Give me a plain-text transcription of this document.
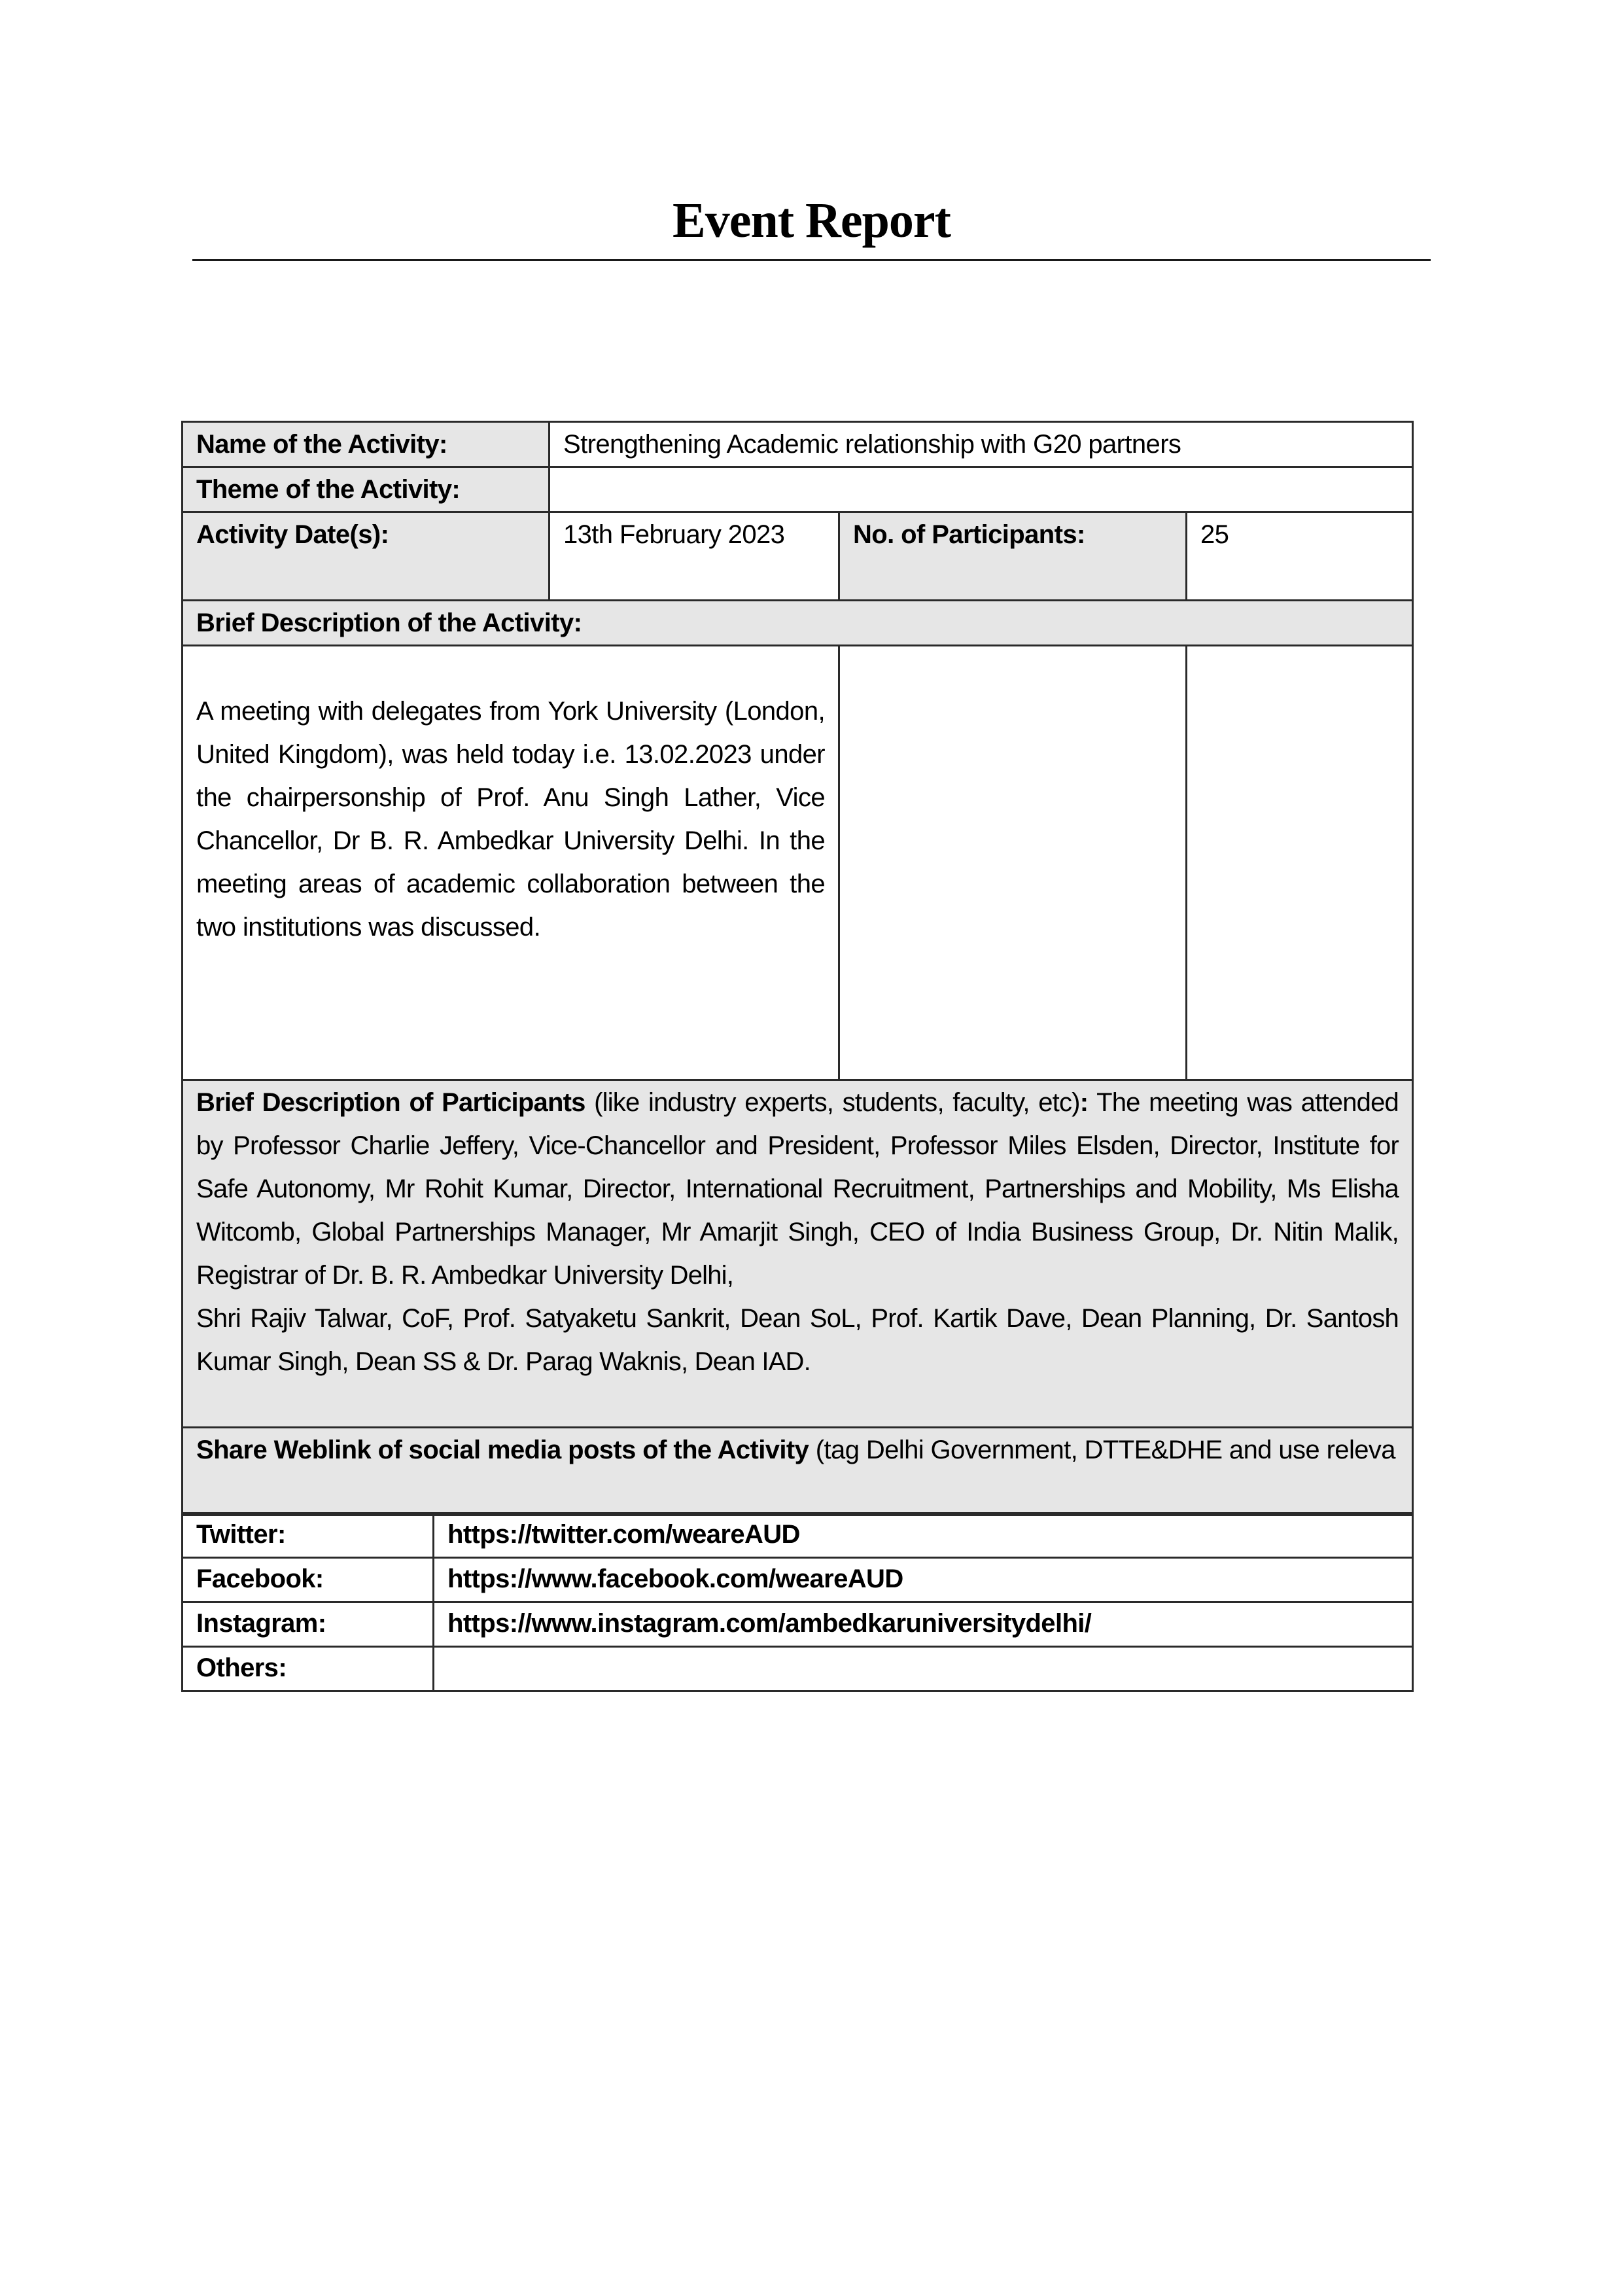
Event Report
Name of the Activity:	Strengthening Academic relationship with G20 partners		
Theme of the Activity:			
Activity Date(s):	13th February 2023	No. of Participants:	25
Brief Description of the Activity:			

A meeting with delegates from York University (London, United Kingdom), was held today i.e. 13.02.2023 under the chairpersonship of Prof. Anu Singh Lather, Vice Chancellor, Dr B. R. Ambedkar University Delhi. In the meeting areas of academic collaboration between the two institutions was discussed.			

Brief Description of Participants (like industry experts, students, faculty, etc): The meeting was attended by Professor Charlie Jeffery, Vice-Chancellor and President, Professor Miles Elsden, Director, Institute for Safe Autonomy, Mr Rohit Kumar, Director, International Recruitment, Partnerships and Mobility, Ms Elisha Witcomb, Global Partnerships Manager, Mr Amarjit Singh, CEO of India Business Group, Dr. Nitin Malik, Registrar of Dr. B. R. Ambedkar University Delhi,
Shri Rajiv Talwar, CoF, Prof. Satyaketu Sankrit, Dean SoL, Prof. Kartik Dave, Dean Planning, Dr. Santosh Kumar Singh, Dean SS & Dr. Parag Waknis, Dean IAD.			
Share Weblink of social media posts of the Activity (tag Delhi Government, DTTE&DHE and use releva			
Twitter:	https://twitter.com/weareAUD
Facebook:	https://www.facebook.com/weareAUD
Instagram:	https://www.instagram.com/ambedkaruniversitydelhi/
Others:	
